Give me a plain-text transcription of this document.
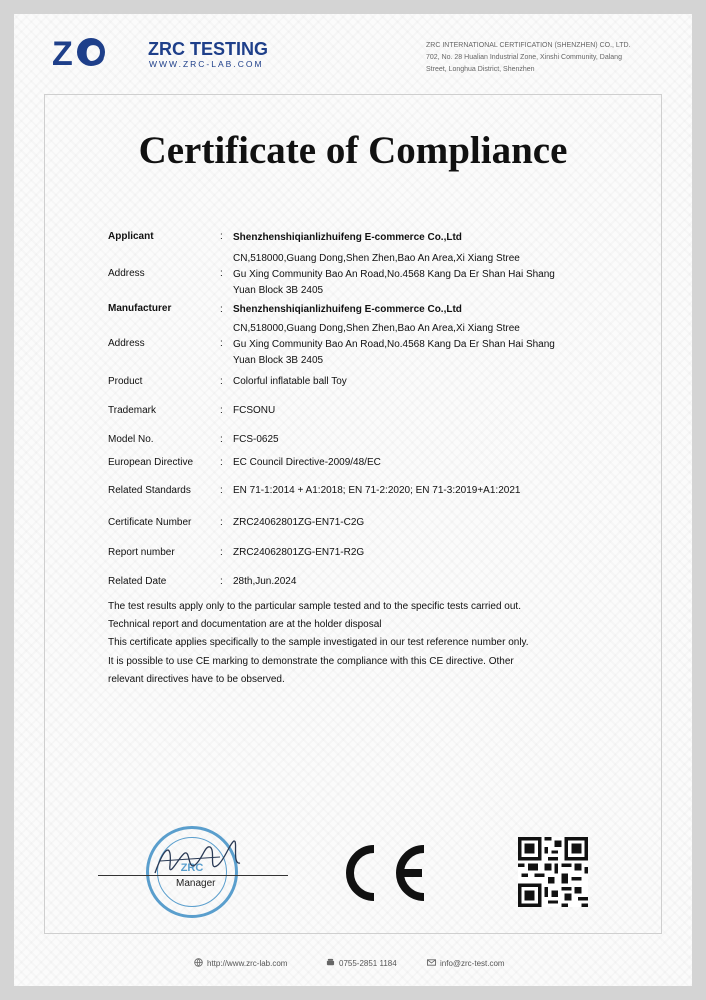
Z C ZRC TESTING
WWW.ZRC-LAB.COM
ZRC INTERNATIONAL CERTIFICATION (SHENZHEN) CO., LTD.
702, No. 28 Hualian Industrial Zone, Xinshi Community, Dalang
Street, Longhua District, Shenzhen
Certificate of Compliance
Applicant	: Shenzhenshiqianlizhuifeng E-commerce Co.,Ltd
Address	:
CN,518000,Guang Dong,Shen Zhen,Bao An Area,Xi Xiang Stree
Gu Xing Community Bao An Road,No.4568 Kang Da Er Shan Hai Shang
Yuan Block 3B 2405
Manufacturer	: Shenzhenshiqianlizhuifeng E-commerce Co.,Ltd
Address	:
CN,518000,Guang Dong,Shen Zhen,Bao An Area,Xi Xiang Stree
Gu Xing Community Bao An Road,No.4568 Kang Da Er Shan Hai Shang
Yuan Block 3B 2405
Product	: Colorful inflatable ball Toy
Trademark	: FCSONU
Model No.	: FCS-0625
European Directive	: EC Council Directive-2009/48/EC
Related Standards	: EN 71-1:2014 + A1:2018; EN 71-2:2020; EN 71-3:2019+A1:2021
Certificate Number	: ZRC24062801ZG-EN71-C2G
Report number	: ZRC24062801ZG-EN71-R2G
Related Date	: 28th,Jun.2024
The test results apply only to the particular sample tested and to the specific tests carried out.
Technical report and documentation are at the holder disposal
This certificate applies specifically to the sample investigated in our test reference number only.
It is possible to use CE marking to demonstrate the compliance with this CE directive. Other
relevant directives have to be observed.
ZRC
Manager
http://www.zrc-lab.com	0755-2851 1184	info@zrc-test.com
